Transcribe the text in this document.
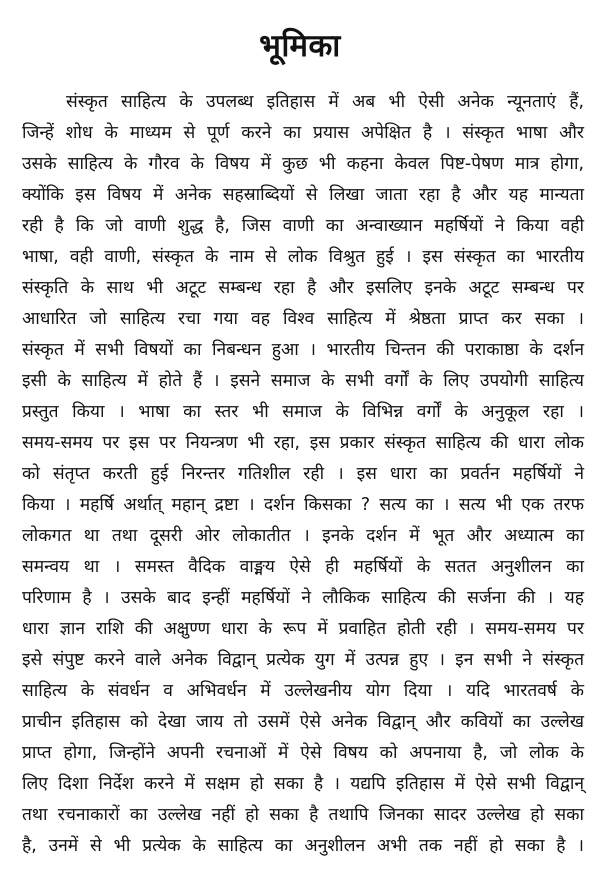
भूमिका
संस्कृत साहित्य के उपलब्ध इतिहास में अब भी ऐसी अनेक न्यूनताएं हैं,
जिन्हें शोध के माध्यम से पूर्ण करने का प्रयास अपेक्षित है । संस्कृत भाषा और
उसके साहित्य के गौरव के विषय में कुछ भी कहना केवल पिष्ट-पेषण मात्र होगा,
क्योंकि इस विषय में अनेक सहस्राब्दियों से लिखा जाता रहा है और यह मान्यता
रही है कि जो वाणी शुद्ध है, जिस वाणी का अन्वाख्यान महर्षियों ने किया वही
भाषा, वही वाणी, संस्कृत के नाम से लोक विश्रुत हुई । इस संस्कृत का भारतीय
संस्कृति के साथ भी अटूट सम्बन्ध रहा है और इसलिए इनके अटूट सम्बन्ध पर
आधारित जो साहित्य रचा गया वह विश्व साहित्य में श्रेष्ठता प्राप्त कर सका ।
संस्कृत में सभी विषयों का निबन्धन हुआ । भारतीय चिन्तन की पराकाष्ठा के दर्शन
इसी के साहित्य में होते हैं । इसने समाज के सभी वर्गों के लिए उपयोगी साहित्य
प्रस्तुत किया । भाषा का स्तर भी समाज के विभिन्न वर्गों के अनुकूल रहा ।
समय-समय पर इस पर नियन्त्रण भी रहा, इस प्रकार संस्कृत साहित्य की धारा लोक
को संतृप्त करती हुई निरन्तर गतिशील रही । इस धारा का प्रवर्तन महर्षियों ने
किया । महर्षि अर्थात् महान् द्रष्टा । दर्शन किसका ? सत्य का । सत्य भी एक तरफ
लोकगत था तथा दूसरी ओर लोकातीत । इनके दर्शन में भूत और अध्यात्म का
समन्वय था । समस्त वैदिक वाङ्मय ऐसे ही महर्षियों के सतत अनुशीलन का
परिणाम है । उसके बाद इन्हीं महर्षियों ने लौकिक साहित्य की सर्जना की । यह
धारा ज्ञान राशि की अक्षुण्ण धारा के रूप में प्रवाहित होती रही । समय-समय पर
इसे संपुष्ट करने वाले अनेक विद्वान् प्रत्येक युग में उत्पन्न हुए । इन सभी ने संस्कृत
साहित्य के संवर्धन व अभिवर्धन में उल्लेखनीय योग दिया । यदि भारतवर्ष के
प्राचीन इतिहास को देखा जाय तो उसमें ऐसे अनेक विद्वान् और कवियों का उल्लेख
प्राप्त होगा, जिन्होंने अपनी रचनाओं में ऐसे विषय को अपनाया है, जो लोक के
लिए दिशा निर्देश करने में सक्षम हो सका है । यद्यपि इतिहास में ऐसे सभी विद्वान्
तथा रचनाकारों का उल्लेख नहीं हो सका है तथापि जिनका सादर उल्लेख हो सका
है, उनमें से भी प्रत्येक के साहित्य का अनुशीलन अभी तक नहीं हो सका है ।
